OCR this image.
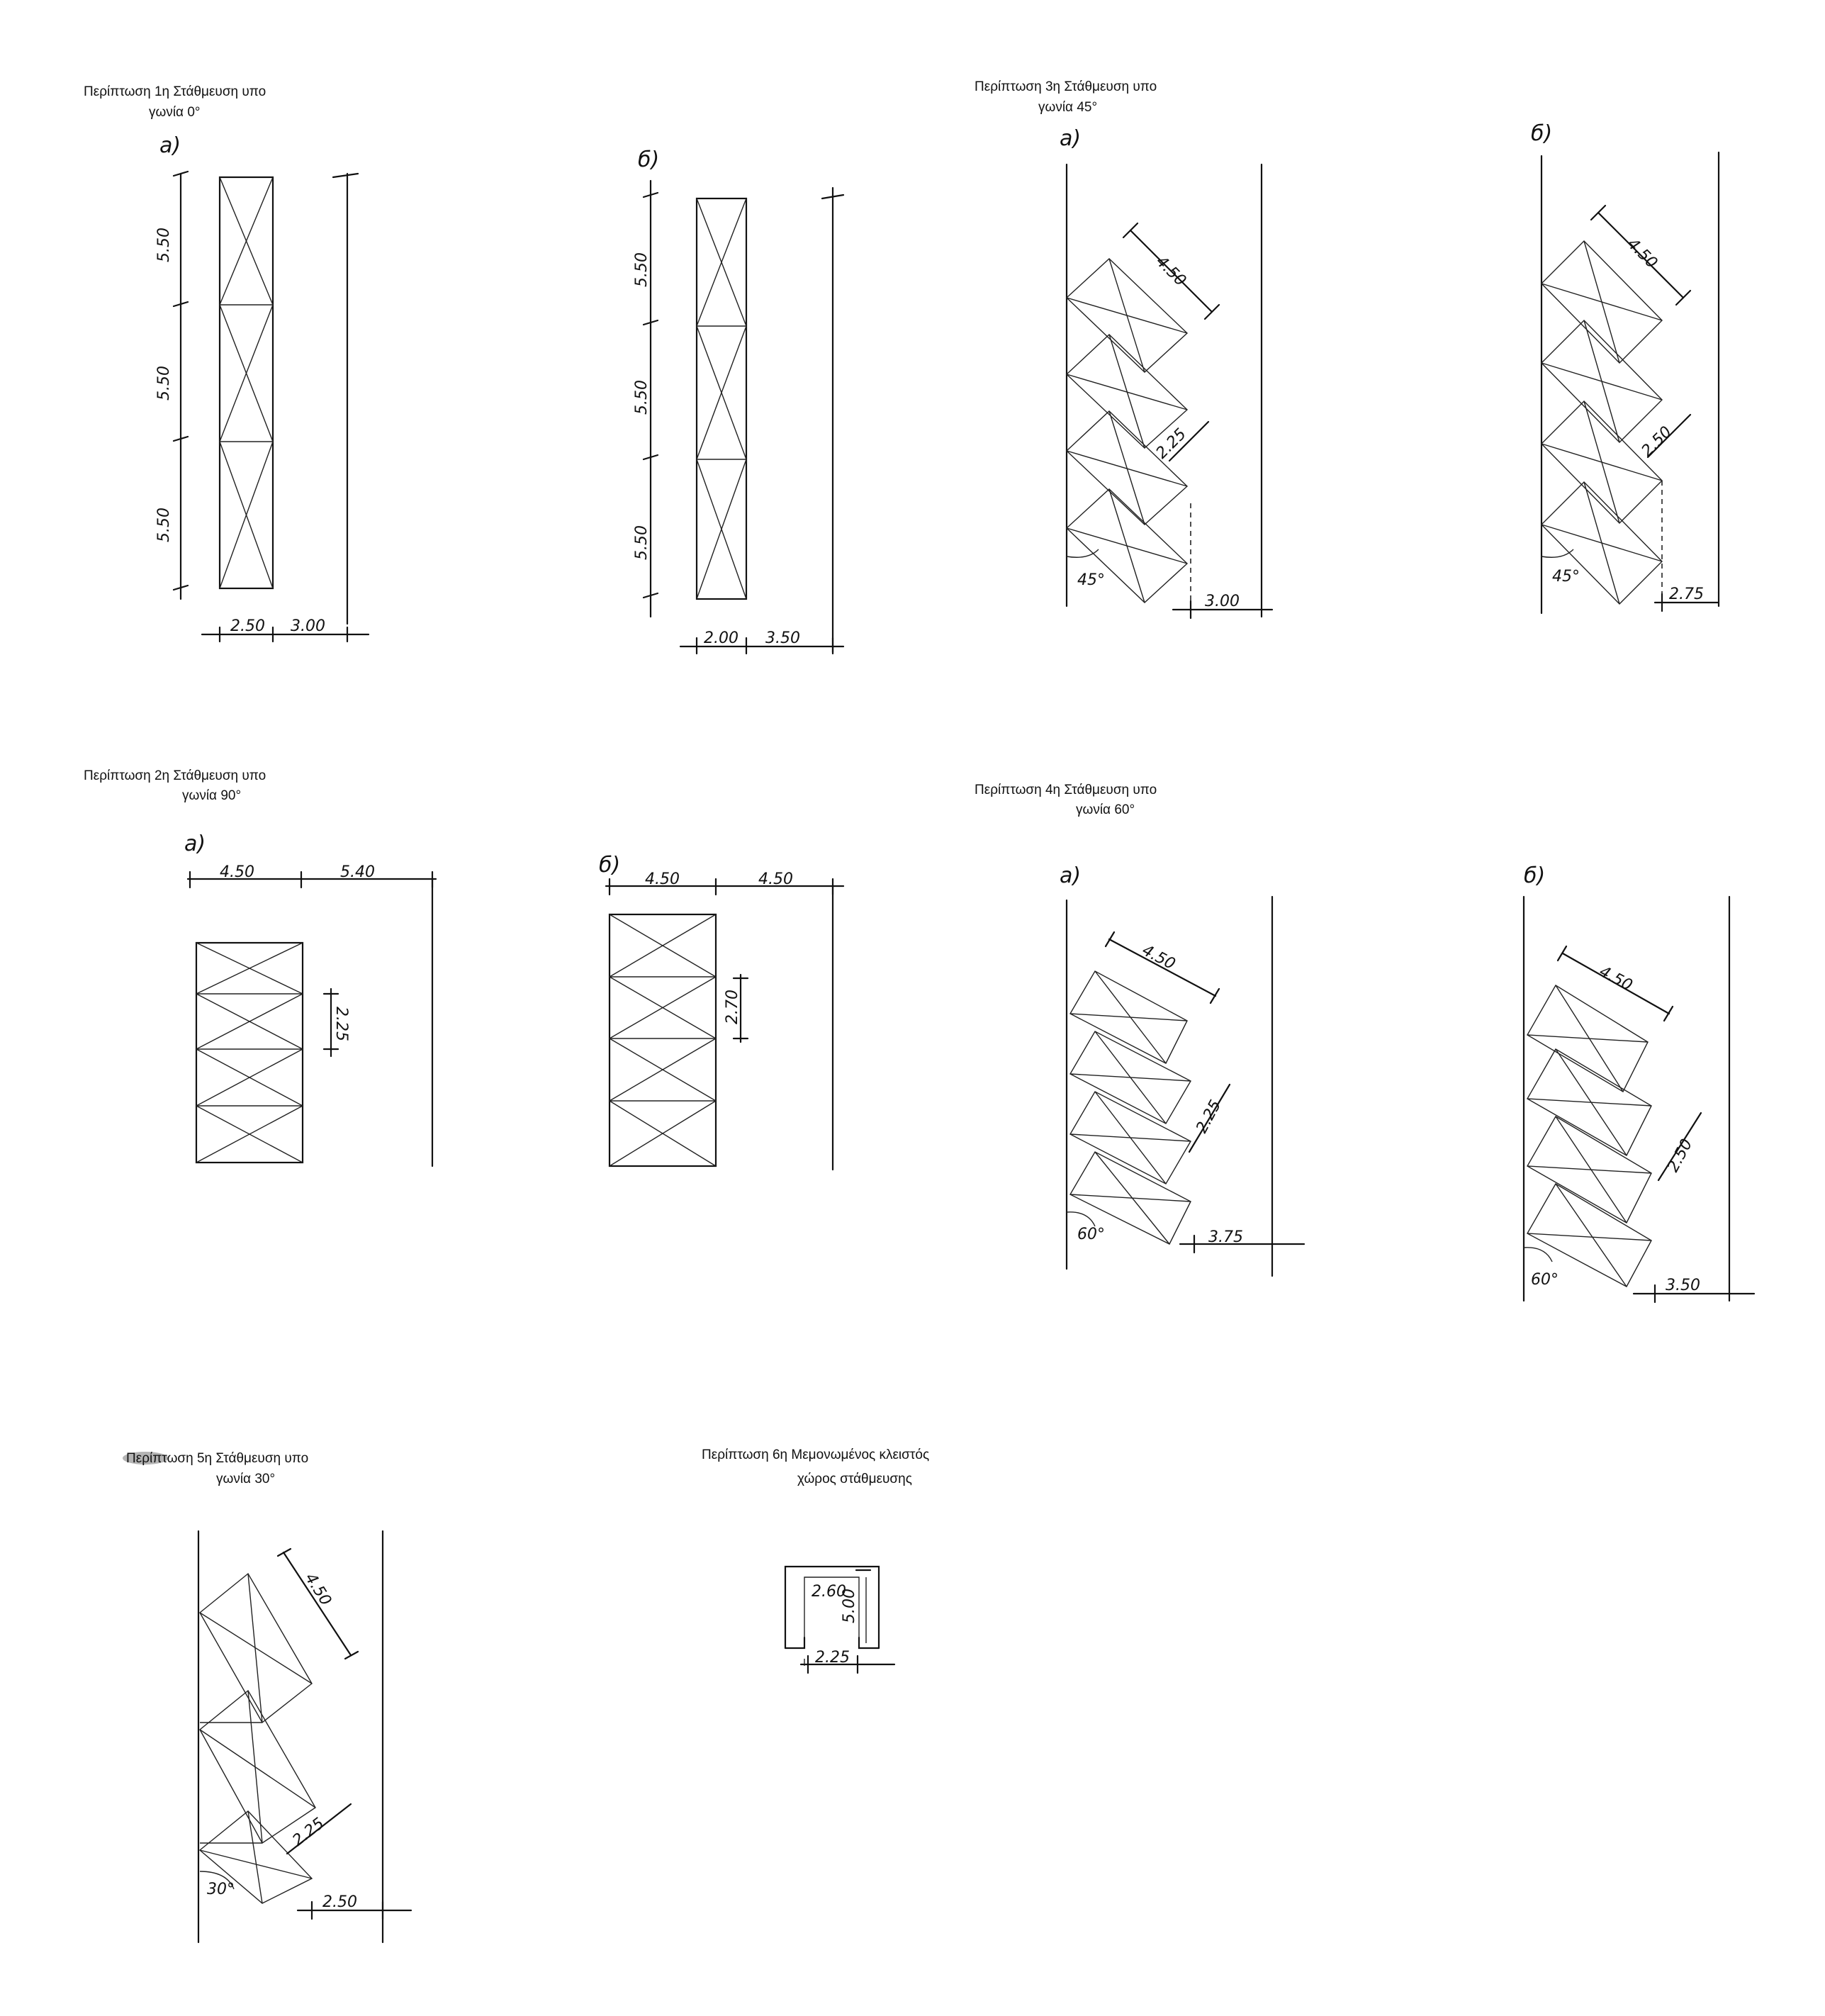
Περίπτωση 1η Στάθμευση υπο
γωνία 0°
Περίπτωση 3η Στάθμευση υπο
γωνία 45°
Περίπτωση 2η Στάθμευση υπο
γωνία 90°	Περίπτωση 4η Στάθμευση υπο
γωνία 60°
Περίπτωση 5η Στάθμευση υπο
γωνία 30°
Περίπτωση 6η Μεμονωμένος κλειστός
χώρος στάθμευσης
a)
5.50
5.50
5.50
2.50 3.00
б)
5.50
5.50
5.50
2.00 3.50
a)
4.50
2.25
3.00
45°
б)
4.50
2.50
2.75
45°
a)
4.50	5.40
2.25
б)
4.50	4.50
2.70
a)
4.50
2.25
3.75
60°
б)
4.50
2.50
3.50
60°
4.50
2.25
2.50
30°
5.00
2.60
2.25
